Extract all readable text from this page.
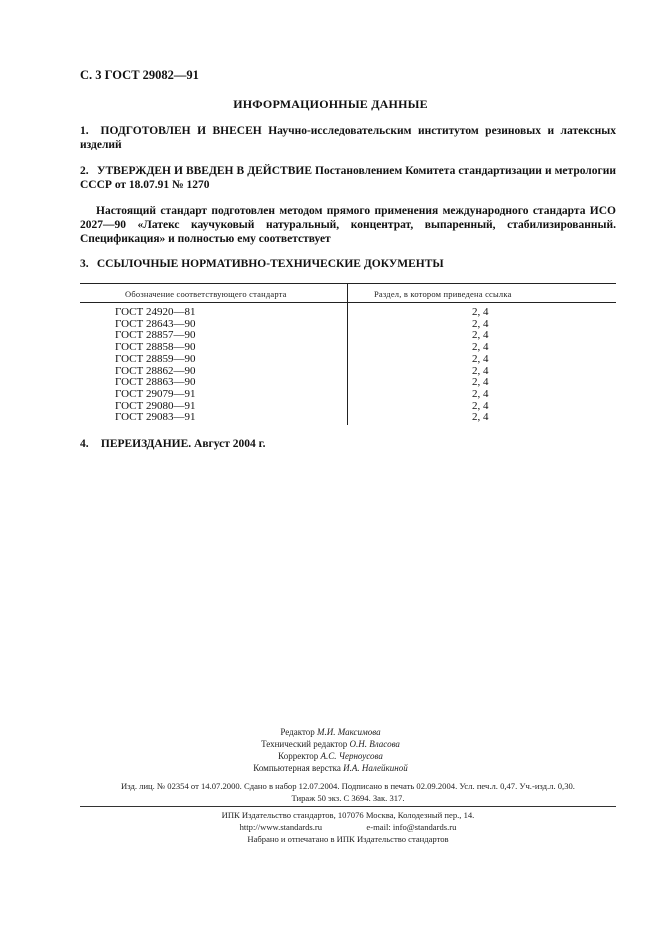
С. 3 ГОСТ 29082—91
ИНФОРМАЦИОННЫЕ ДАННЫЕ
1. ПОДГОТОВЛЕН И ВНЕСЕН Научно-исследовательским институтом резиновых и латексных изделий
2. УТВЕРЖДЕН И ВВЕДЕН В ДЕЙСТВИЕ Постановлением Комитета стандартизации и метрологии СССР от 18.07.91 № 1270
Настоящий стандарт подготовлен методом прямого применения международного стандарта ИСО 2027—90 «Латекс каучуковый натуральный, концентрат, выпаренный, стабилизированный. Спецификация» и полностью ему соответствует
3. ССЫЛОЧНЫЕ НОРМАТИВНО-ТЕХНИЧЕСКИЕ ДОКУМЕНТЫ
Обозначение соответствующего стандарта	Раздел, в котором приведена ссылка
ГОСТ 24920—81	2, 4
ГОСТ 28643—90	2, 4
ГОСТ 28857—90	2, 4
ГОСТ 28858—90	2, 4
ГОСТ 28859—90	2, 4
ГОСТ 28862—90	2, 4
ГОСТ 28863—90	2, 4
ГОСТ 29079—91	2, 4
ГОСТ 29080—91	2, 4
ГОСТ 29083—91	2, 4
4. ПЕРЕИЗДАНИЕ. Август 2004 г.
Редактор М.И. Максимова
Технический редактор О.Н. Власова
Корректор А.С. Черноусова
Компьютерная верстка И.А. Налейкиной
Изд. лиц. № 02354 от 14.07.2000. Сдано в набор 12.07.2004. Подписано в печать 02.09.2004. Усл. печ.л. 0,47. Уч.-изд.л. 0,30.
Тираж 50 экз. С 3694. Зак. 317.
ИПК Издательство стандартов, 107076 Москва, Колодезный пер., 14.
http://www.standards.ru	e-mail: info@standards.ru
Набрано и отпечатано в ИПК Издательство стандартов
